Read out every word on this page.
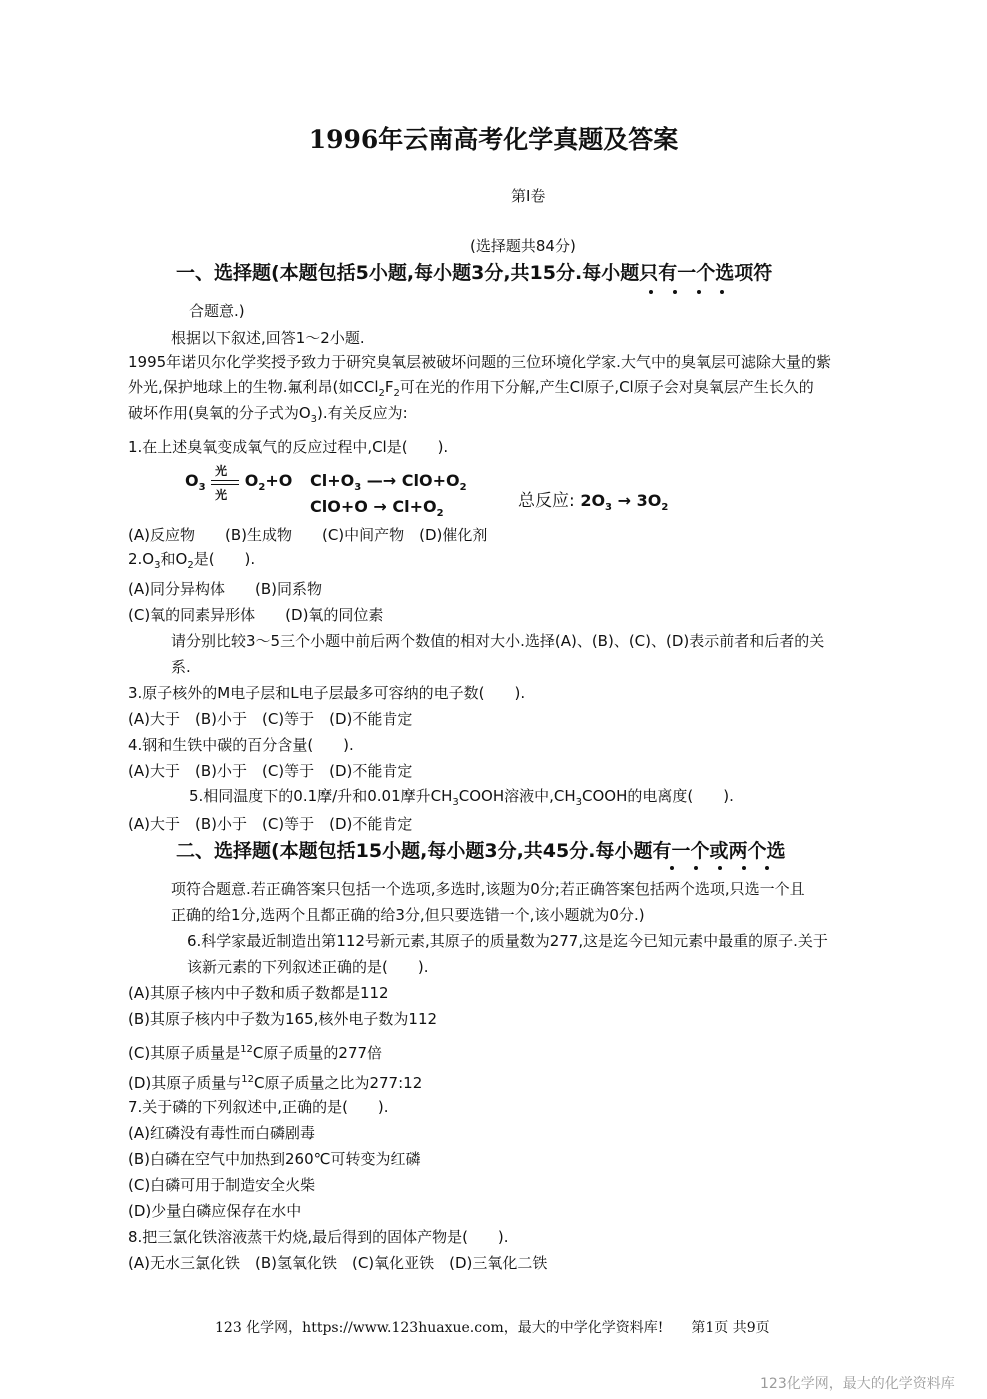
1996年云南高考化学真题及答案
第I卷
(选择题共84分)
一、选择题(本题包括5小题,每小题3分,共15分.每小题只有一个选项符
合题意.)
根据以下叙述,回答1～2小题.
1995年诺贝尔化学奖授予致力于研究臭氧层被破坏问题的三位环境化学家.大气中的臭氧层可滤除大量的紫
外光,保护地球上的生物.氟利昂(如$CCl_2F_2$可在光的作用下分解,产生Cl原子,Cl原子会对臭氧层产生长久的
破坏作用(臭氧的分子式为$O_3$).有关反应为:
1.在上述臭氧变成氧气的反应过程中,Cl是(　　).
$O_3$
光
光
$O_2+O$ $Cl+O_3$ —→ $ClO+O_2$
$ClO+O \to Cl+O_2$
总反应: $2O_3 \to 3O_2$
(A)反应物　　(B)生成物　　(C)中间产物　(D)催化剂
$2.O_3$和$O_2$是(　　).
(A)同分异构体　　(B)同系物
(C)氧的同素异形体　　(D)氧的同位素
请分别比较3～5三个小题中前后两个数值的相对大小.选择(A)、(B)、(C)、(D)表示前者和后者的关
系.
3.原子核外的M电子层和L电子层最多可容纳的电子数(　　).
(A)大于　(B)小于　(C)等于　(D)不能肯定
4.钢和生铁中碳的百分含量(　　).
(A)大于　(B)小于　(C)等于　(D)不能肯定
5.相同温度下的0.1摩/升和0.01摩升$CH_3COOH$溶液中$,CH_3COOH$的电离度(　　).
(A)大于　(B)小于　(C)等于　(D)不能肯定
二、选择题(本题包括15小题,每小题3分,共45分.每小题有一个或两个选
项符合题意.若正确答案只包括一个选项,多选时,该题为0分;若正确答案包括两个选项,只选一个且
正确的给1分,选两个且都正确的给3分,但只要选错一个,该小题就为0分.)
6.科学家最近制造出第112号新元素,其原子的质量数为277,这是迄今已知元素中最重的原子.关于
该新元素的下列叙述正确的是(　　).
(A)其原子核内中子数和质子数都是112
(B)其原子核内中子数为165,核外电子数为112
(C)其原子质量是$^{12}$C原子质量的277倍
(D)其原子质量与$^{12}$C原子质量之比为277:12
7.关于磷的下列叙述中,正确的是(　　).
(A)红磷没有毒性而白磷剧毒
(B)白磷在空气中加热到260℃可转变为红磷
(C)白磷可用于制造安全火柴
(D)少量白磷应保存在水中
8.把三氯化铁溶液蒸干灼烧,最后得到的固体产物是(　　).
(A)无水三氯化铁　(B)氢氧化铁　(C)氧化亚铁　(D)三氧化二铁
123 化学网，https://www.123huaxue.com，最大的中学化学资料库!　　第1页 共9页
123化学网，最大的化学资料库
